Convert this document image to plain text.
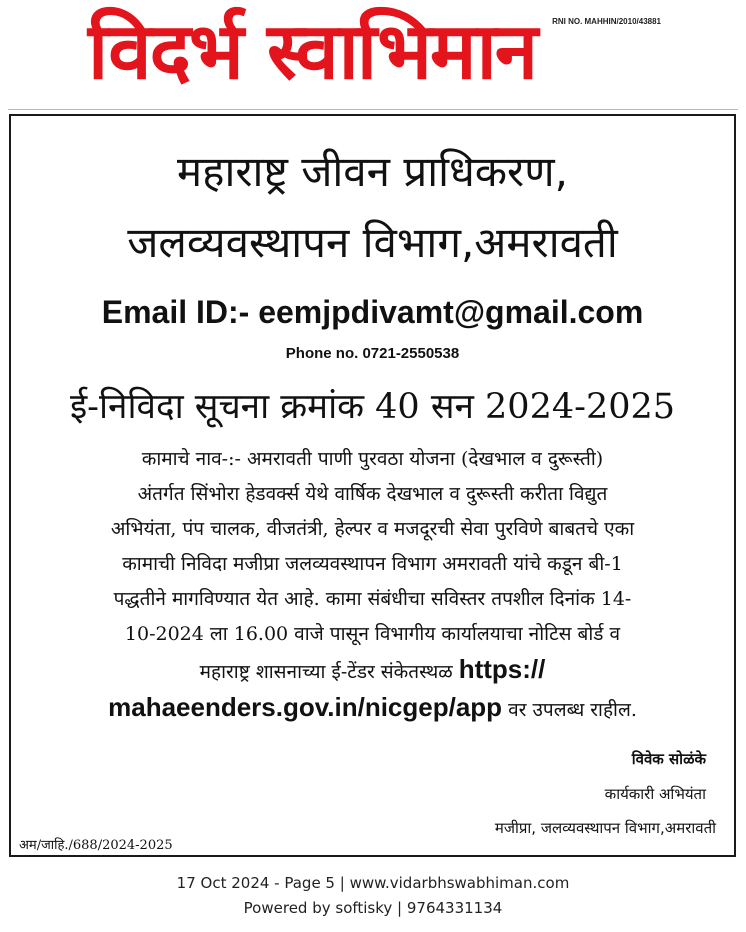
विदर्भ स्वाभिमान RNI NO. MAHHIN/2010/43881
महाराष्ट्र जीवन प्राधिकरण,
जलव्यवस्थापन विभाग,अमरावती
Email ID:- eemjpdivamt@gmail.com
Phone no. 0721-2550538
ई-निविदा सूचना क्रमांक 40 सन 2024-2025
कामाचे नाव-:- अमरावती पाणी पुरवठा योजना (देखभाल व दुरूस्ती)
अंतर्गत सिंभोरा हेडवर्क्स येथे वार्षिक देखभाल व दुरूस्ती करीता विद्युत
अभियंता, पंप चालक, वीजतंत्री, हेल्पर व मजदूरची सेवा पुरविणे बाबतचे एका
कामाची निविदा मजीप्रा जलव्यवस्थापन विभाग अमरावती यांचे कडून बी-1
पद्धतीने मागविण्यात येत आहे. कामा संबंधीचा सविस्तर तपशील दिनांक 14-
10-2024 ला 16.00 वाजे पासून विभागीय कार्यालयाचा नोटिस बोर्ड व
महाराष्ट्र शासनाच्या ई-टेंडर संकेतस्थळ https://
mahaeenders.gov.in/nicgep/app वर उपलब्ध राहील.
विवेक सोळंके
कार्यकारी अभियंता
मजीप्रा, जलव्यवस्थापन विभाग,अमरावती
अम/जाहि./688/2024-2025
17 Oct 2024 - Page 5 | www.vidarbhswabhiman.com
Powered by softisky | 9764331134
